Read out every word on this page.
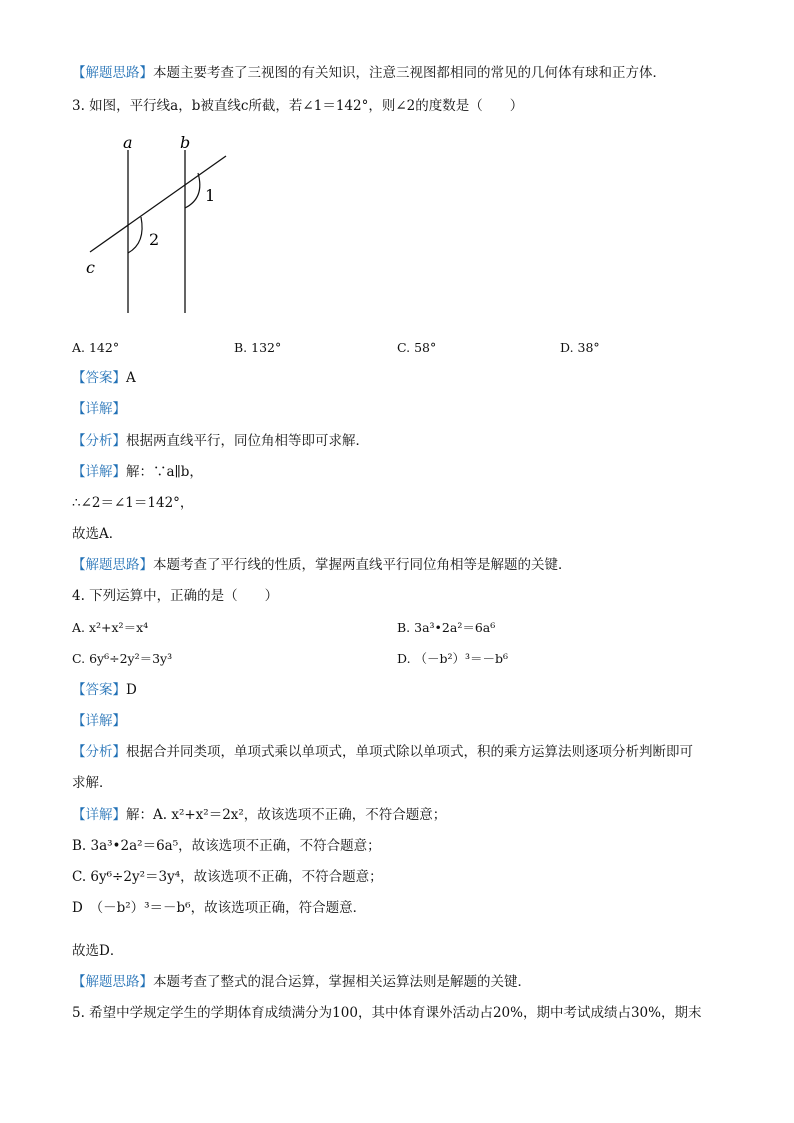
【解题思路】本题主要考查了三视图的有关知识，注意三视图都相同的常见的几何体有球和正方体．
3. 如图，平行线a，b被直线c所截，若∠1＝142°，则∠2的度数是（　　）
a	b
c
1
2
A. 142°	B. 132°	C. 58°	D. 38°
【答案】A
【详解】
【分析】根据两直线平行，同位角相等即可求解．
【详解】解：∵a∥b，
∴∠2＝∠1＝142°，
故选A．
【解题思路】本题考查了平行线的性质，掌握两直线平行同位角相等是解题的关键．
4. 下列运算中，正确的是（　　）
A. x²+x²＝x⁴	B. 3a³•2a²＝6a⁶
C. 6y⁶÷2y²＝3y³	D. （－b²）³＝－b⁶
【答案】D
【详解】
【分析】根据合并同类项，单项式乘以单项式，单项式除以单项式，积的乘方运算法则逐项分析判断即可
求解．
【详解】解：A. x²+x²＝2x²，故该选项不正确，不符合题意；
B. 3a³•2a²＝6a⁵，故该选项不正确，不符合题意；
C. 6y⁶÷2y²＝3y⁴，故该选项不正确，不符合题意；
D　（－b²）³＝－b⁶，故该选项正确，符合题意．
故选D．
【解题思路】本题考查了整式的混合运算，掌握相关运算法则是解题的关键．
5. 希望中学规定学生的学期体育成绩满分为100，其中体育课外活动占20%，期中考试成绩占30%，期末
